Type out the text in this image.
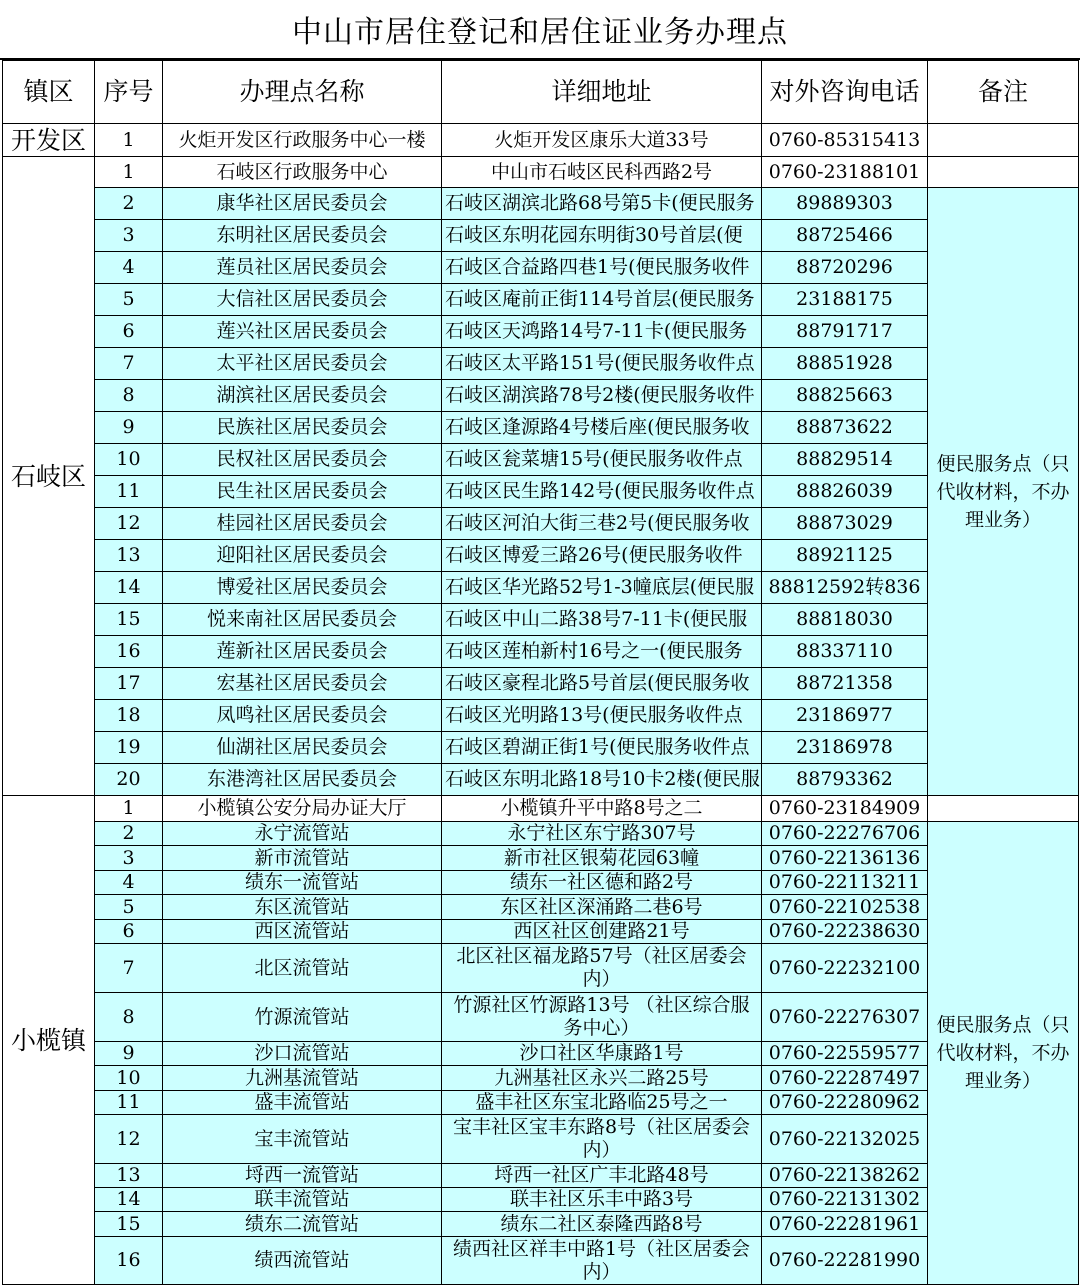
中山市居住登记和居住证业务办理点
镇区	序号	办理点名称	详细地址	对外咨询电话	备注
开发区	1	火炬开发区行政服务中心一楼	火炬开发区康乐大道33号	0760-85315413	
石岐区	1	石岐区行政服务中心	中山市石岐区民科西路2号	0760-23188101	
	2	康华社区居民委员会	石岐区湖滨北路68号第5卡(便民服务	89889303	便民服务点（只代收材料，不办理业务）
	3	东明社区居民委员会	石岐区东明花园东明街30号首层(便	88725466	
	4	莲员社区居民委员会	石岐区合益路四巷1号(便民服务收件	88720296	
	5	大信社区居民委员会	石岐区庵前正街114号首层(便民服务	23188175	
	6	莲兴社区居民委员会	石岐区天鸿路14号7-11卡(便民服务	88791717	
	7	太平社区居民委员会	石岐区太平路151号(便民服务收件点	88851928	
	8	湖滨社区居民委员会	石岐区湖滨路78号2楼(便民服务收件	88825663	
	9	民族社区居民委员会	石岐区逢源路4号楼后座(便民服务收	88873622	
	10	民权社区居民委员会	石岐区瓮菜塘15号(便民服务收件点	88829514	
	11	民生社区居民委员会	石岐区民生路142号(便民服务收件点	88826039	
	12	桂园社区居民委员会	石岐区河泊大街三巷2号(便民服务收	88873029	
	13	迎阳社区居民委员会	石岐区博爱三路26号(便民服务收件	88921125	
	14	博爱社区居民委员会	石岐区华光路52号1-3幢底层(便民服	88812592转836	
	15	悦来南社区居民委员会	石岐区中山二路38号7-11卡(便民服	88818030	
	16	莲新社区居民委员会	石岐区莲柏新村16号之一(便民服务	88337110	
	17	宏基社区居民委员会	石岐区豪程北路5号首层(便民服务收	88721358	
	18	凤鸣社区居民委员会	石岐区光明路13号(便民服务收件点	23186977	
	19	仙湖社区居民委员会	石岐区碧湖正街1号(便民服务收件点	23186978	
	20	东港湾社区居民委员会	石岐区东明北路18号10卡2楼(便民服	88793362	
小榄镇	1	小榄镇公安分局办证大厅	小榄镇升平中路8号之二	0760-23184909	
	2	永宁流管站	永宁社区东宁路307号	0760-22276706	便民服务点（只代收材料，不办理业务）
	3	新市流管站	新市社区银菊花园63幢	0760-22136136	
	4	绩东一流管站	绩东一社区德和路2号	0760-22113211	
	5	东区流管站	东区社区深涌路二巷6号	0760-22102538	
	6	西区流管站	西区社区创建路21号	0760-22238630	
	7	北区流管站	北区社区福龙路57号（社区居委会内）	0760-22232100	
	8	竹源流管站	竹源社区竹源路13号 （社区综合服务中心）	0760-22276307	
	9	沙口流管站	沙口社区华康路1号	0760-22559577	
	10	九洲基流管站	九洲基社区永兴二路25号	0760-22287497	
	11	盛丰流管站	盛丰社区东宝北路临25号之一	0760-22280962	
	12	宝丰流管站	宝丰社区宝丰东路8号（社区居委会内）	0760-22132025	
	13	埒西一流管站	埒西一社区广丰北路48号	0760-22138262	
	14	联丰流管站	联丰社区乐丰中路3号	0760-22131302	
	15	绩东二流管站	绩东二社区泰隆西路8号	0760-22281961	
	16	绩西流管站	绩西社区祥丰中路1号（社区居委会内）	0760-22281990	
